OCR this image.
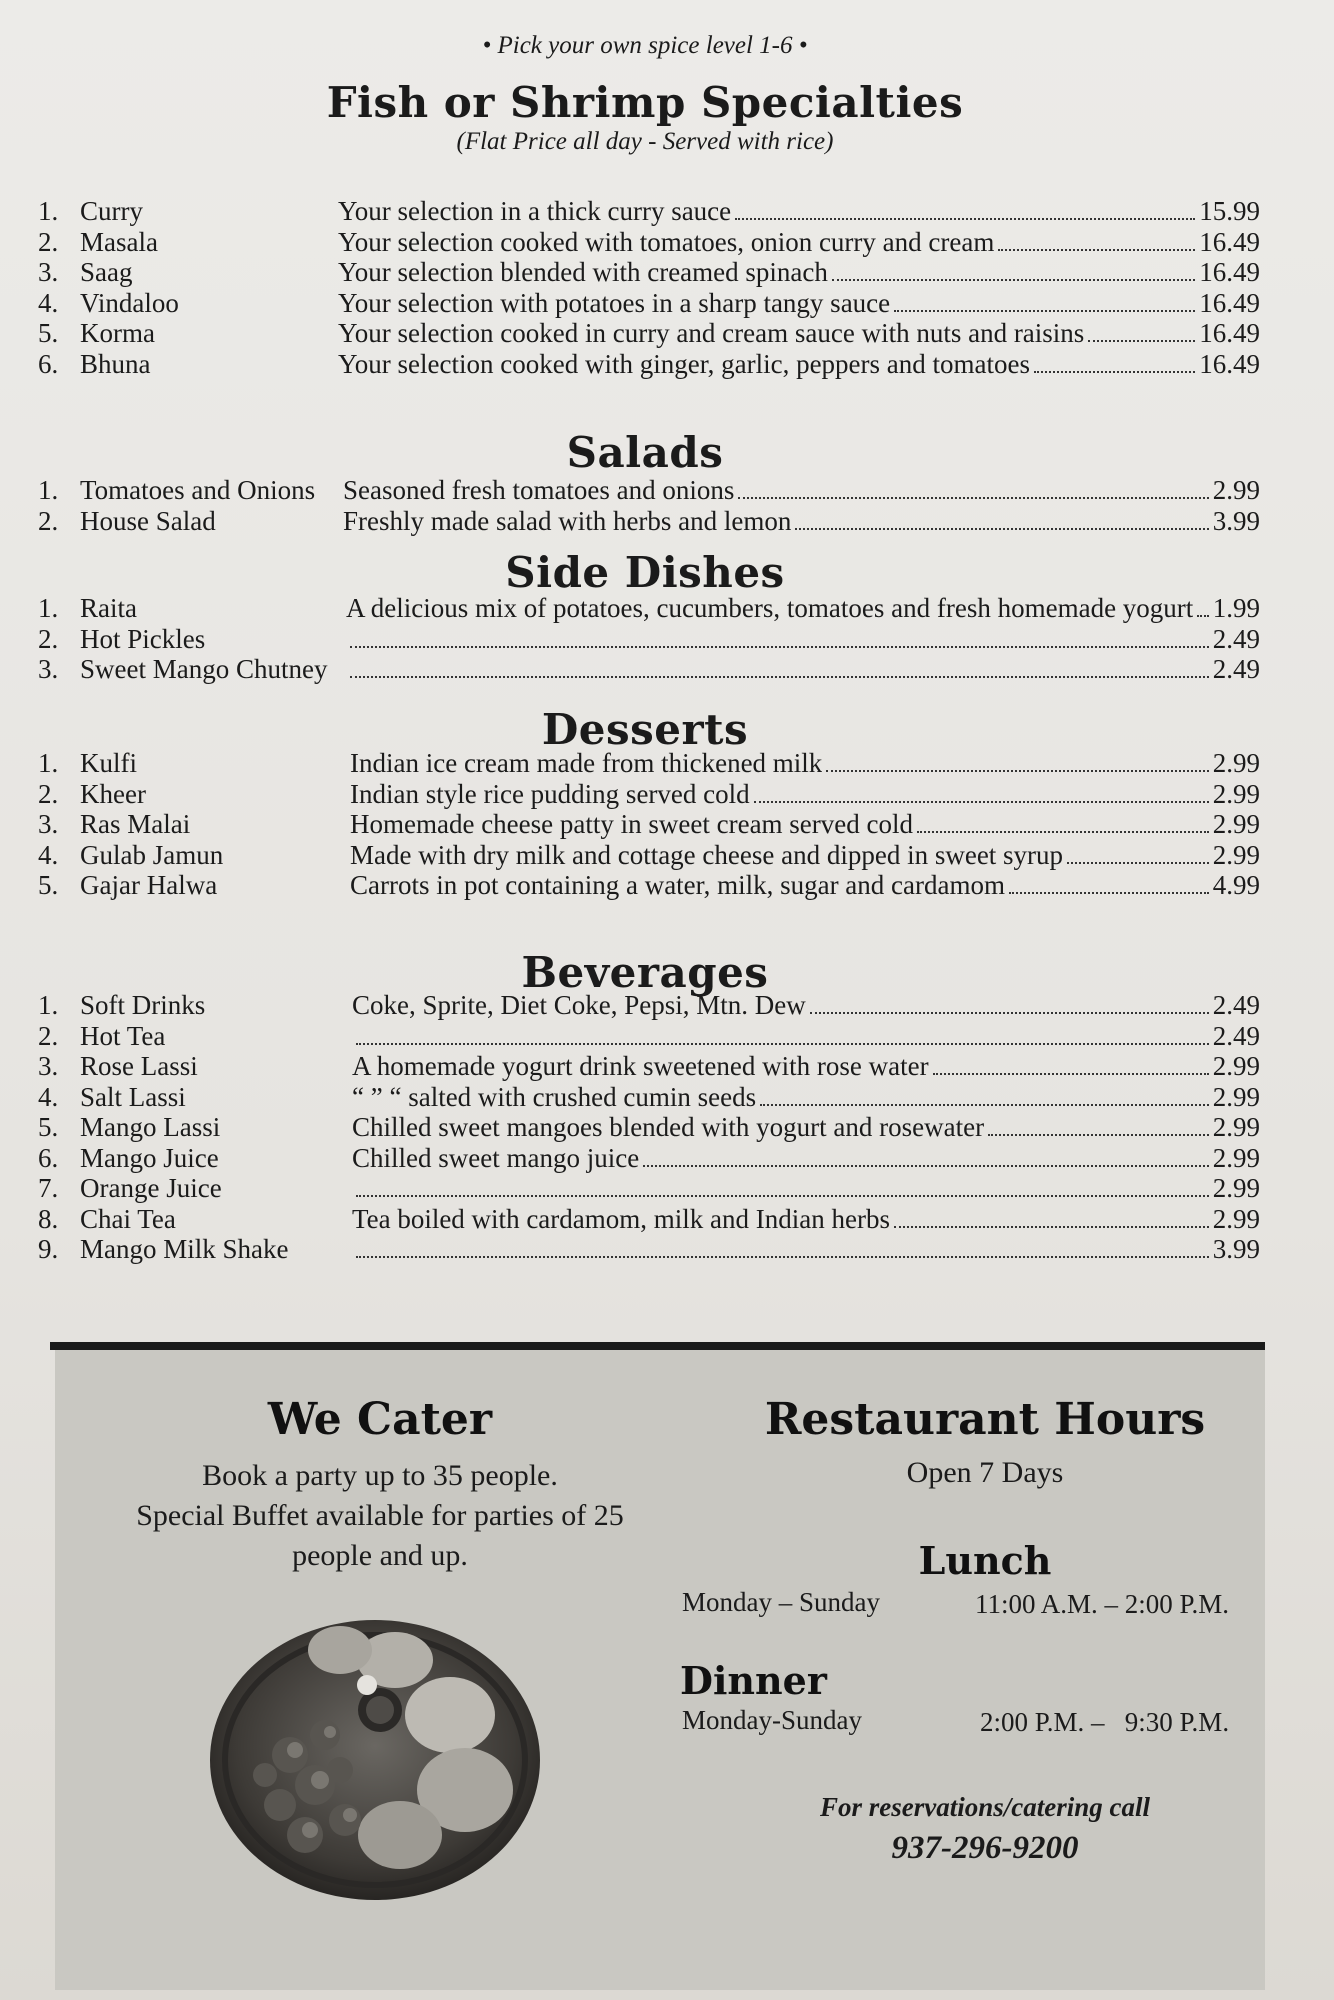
• Pick your own spice level 1-6 •
Fish or Shrimp Specialties
(Flat Price all day - Served with rice)
1. Curry	Your selection in a thick curry sauce	15.99
2. Masala	Your selection cooked with tomatoes, onion curry and cream	16.49
3. Saag	Your selection blended with creamed spinach	16.49
4. Vindaloo	Your selection with potatoes in a sharp tangy sauce	16.49
5. Korma	Your selection cooked in curry and cream sauce with nuts and raisins	16.49
6. Bhuna	Your selection cooked with ginger, garlic, peppers and tomatoes	16.49
Salads
1. Tomatoes and Onions	Seasoned fresh tomatoes and onions	2.99
2. House Salad	Freshly made salad with herbs and lemon	3.99
Side Dishes
1. Raita	A delicious mix of potatoes, cucumbers, tomatoes and fresh homemade yogurt 1.99
2. Hot Pickles	2.49
3. Sweet Mango Chutney	2.49
Desserts
1. Kulfi	Indian ice cream made from thickened milk	2.99
2. Kheer	Indian style rice pudding served cold	2.99
3. Ras Malai	Homemade cheese patty in sweet cream served cold	2.99
4. Gulab Jamun	Made with dry milk and cottage cheese and dipped in sweet syrup	2.99
5. Gajar Halwa	Carrots in pot containing a water, milk, sugar and cardamom	4.99
Beverages
1. Soft Drinks	Coke, Sprite, Diet Coke, Pepsi, Mtn. Dew	2.49
2. Hot Tea	2.49
3. Rose Lassi	A homemade yogurt drink sweetened with rose water	2.99
4. Salt Lassi	“ ” “ salted with crushed cumin seeds	2.99
5. Mango Lassi	Chilled sweet mangoes blended with yogurt and rosewater	2.99
6. Mango Juice	Chilled sweet mango juice	2.99
7. Orange Juice	2.99
8. Chai Tea	Tea boiled with cardamom, milk and Indian herbs	2.99
9. Mango Milk Shake	3.99
We Cater
Book a party up to 35 people.
Special Buffet available for parties of 25
people and up.
Restaurant Hours
Open 7 Days
Lunch
Monday – Sunday	11:00 A.M. – 2:00 P.M.
Dinner
Monday-Sunday	2:00 P.M. –   9:30 P.M.
For reservations/catering call
937-296-9200
